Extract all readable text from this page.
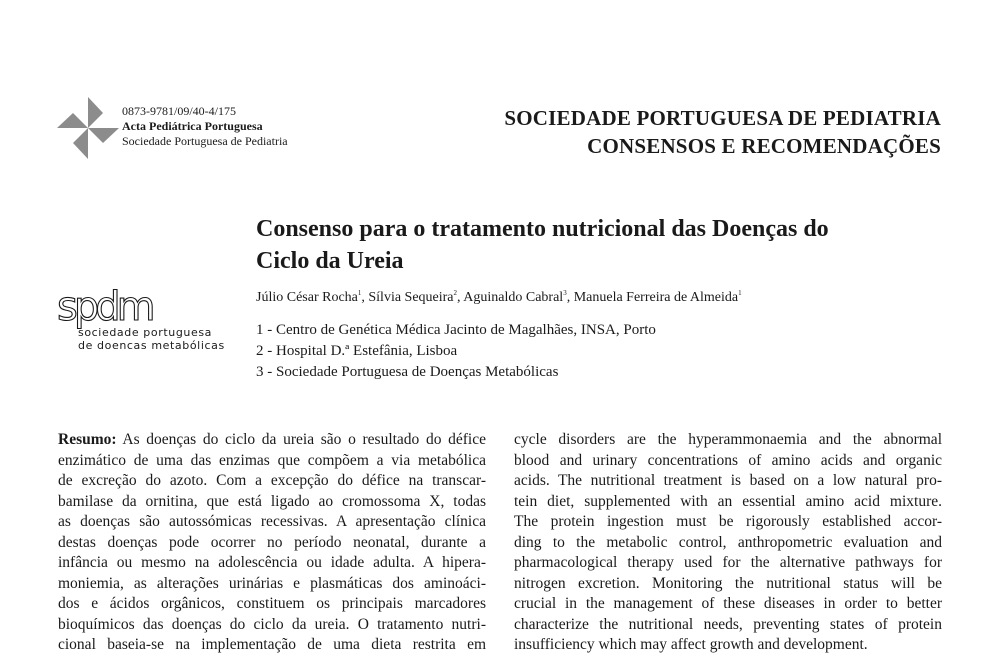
0873-9781/09/40-4/175
Acta Pediátrica Portuguesa
Sociedade Portuguesa de Pediatria
SOCIEDADE PORTUGUESA DE PEDIATRIA
CONSENSOS E RECOMENDAÇÕES
Consenso para o tratamento nutricional das Doenças do
Ciclo da Ureia
spdm
sociedade portuguesa
de doencas metabólicas
Júlio César Rocha$^1$, Sílvia Sequeira$^2$, Aguinaldo Cabral$^3$, Manuela Ferreira de Almeida$^1$
1 - Centro de Genética Médica Jacinto de Magalhães, INSA, Porto
2 - Hospital D.ª Estefânia, Lisboa
3 - Sociedade Portuguesa de Doenças Metabólicas
Resumo: As doenças do ciclo da ureia são o resultado do défice
enzimático de uma das enzimas que compõem a via metabólica
de excreção do azoto. Com a excepção do défice na transcar-
bamilase da ornitina, que está ligado ao cromossoma X, todas
as doenças são autossómicas recessivas. A apresentação clínica
destas doenças pode ocorrer no período neonatal, durante a
infância ou mesmo na adolescência ou idade adulta. A hipera-
moniemia, as alterações urinárias e plasmáticas dos aminoáci-
dos e ácidos orgânicos, constituem os principais marcadores
bioquímicos das doenças do ciclo da ureia. O tratamento nutri-
cional baseia-se na implementação de uma dieta restrita em
cycle disorders are the hyperammonaemia and the abnormal
blood and urinary concentrations of amino acids and organic
acids. The nutritional treatment is based on a low natural pro-
tein diet, supplemented with an essential amino acid mixture.
The protein ingestion must be rigorously established accor-
ding to the metabolic control, anthropometric evaluation and
pharmacological therapy used for the alternative pathways for
nitrogen excretion. Monitoring the nutritional status will be
crucial in the management of these diseases in order to better
characterize the nutritional needs, preventing states of protein
insufficiency which may affect growth and development.
